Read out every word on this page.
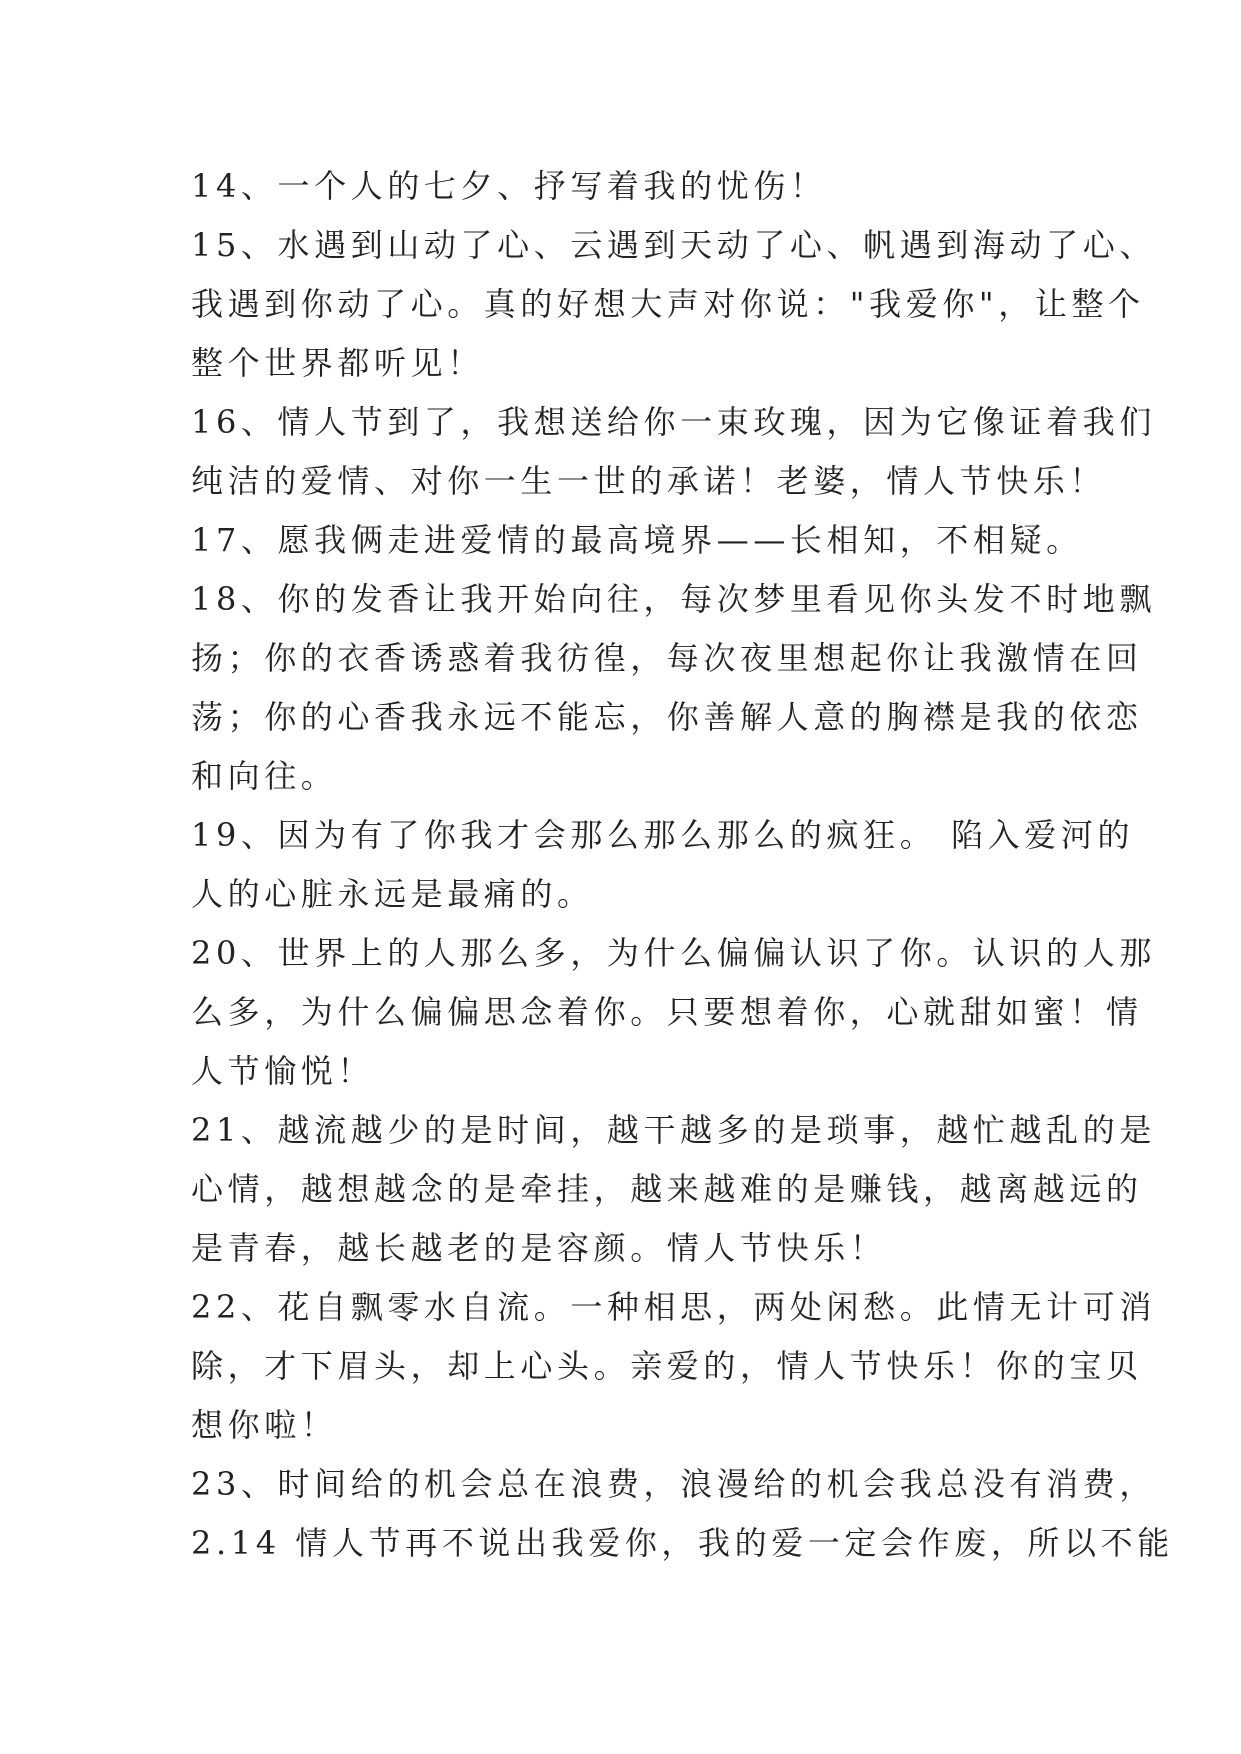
14、一个人的七夕、抒写着我的忧伤！
15、水遇到山动了心、云遇到天动了心、帆遇到海动了心、
我遇到你动了心。真的好想大声对你说："我爱你"，让整个
整个世界都听见！
16、情人节到了，我想送给你一束玫瑰，因为它像证着我们
纯洁的爱情、对你一生一世的承诺！老婆，情人节快乐！
17、愿我俩走进爱情的最高境界——长相知，不相疑。
18、你的发香让我开始向往，每次梦里看见你头发不时地飘
扬；你的衣香诱惑着我彷徨，每次夜里想起你让我激情在回
荡；你的心香我永远不能忘，你善解人意的胸襟是我的依恋
和向往。
19、因为有了你我才会那么那么那么的疯狂。 陷入爱河的
人的心脏永远是最痛的。
20、世界上的人那么多，为什么偏偏认识了你。认识的人那
么多，为什么偏偏思念着你。只要想着你，心就甜如蜜！情
人节愉悦！
21、越流越少的是时间，越干越多的是琐事，越忙越乱的是
心情，越想越念的是牵挂，越来越难的是赚钱，越离越远的
是青春，越长越老的是容颜。情人节快乐！
22、花自飘零水自流。一种相思，两处闲愁。此情无计可消
除，才下眉头，却上心头。亲爱的，情人节快乐！你的宝贝
想你啦！
23、时间给的机会总在浪费，浪漫给的机会我总没有消费，
2.14 情人节再不说出我爱你，我的爱一定会作废，所以不能
